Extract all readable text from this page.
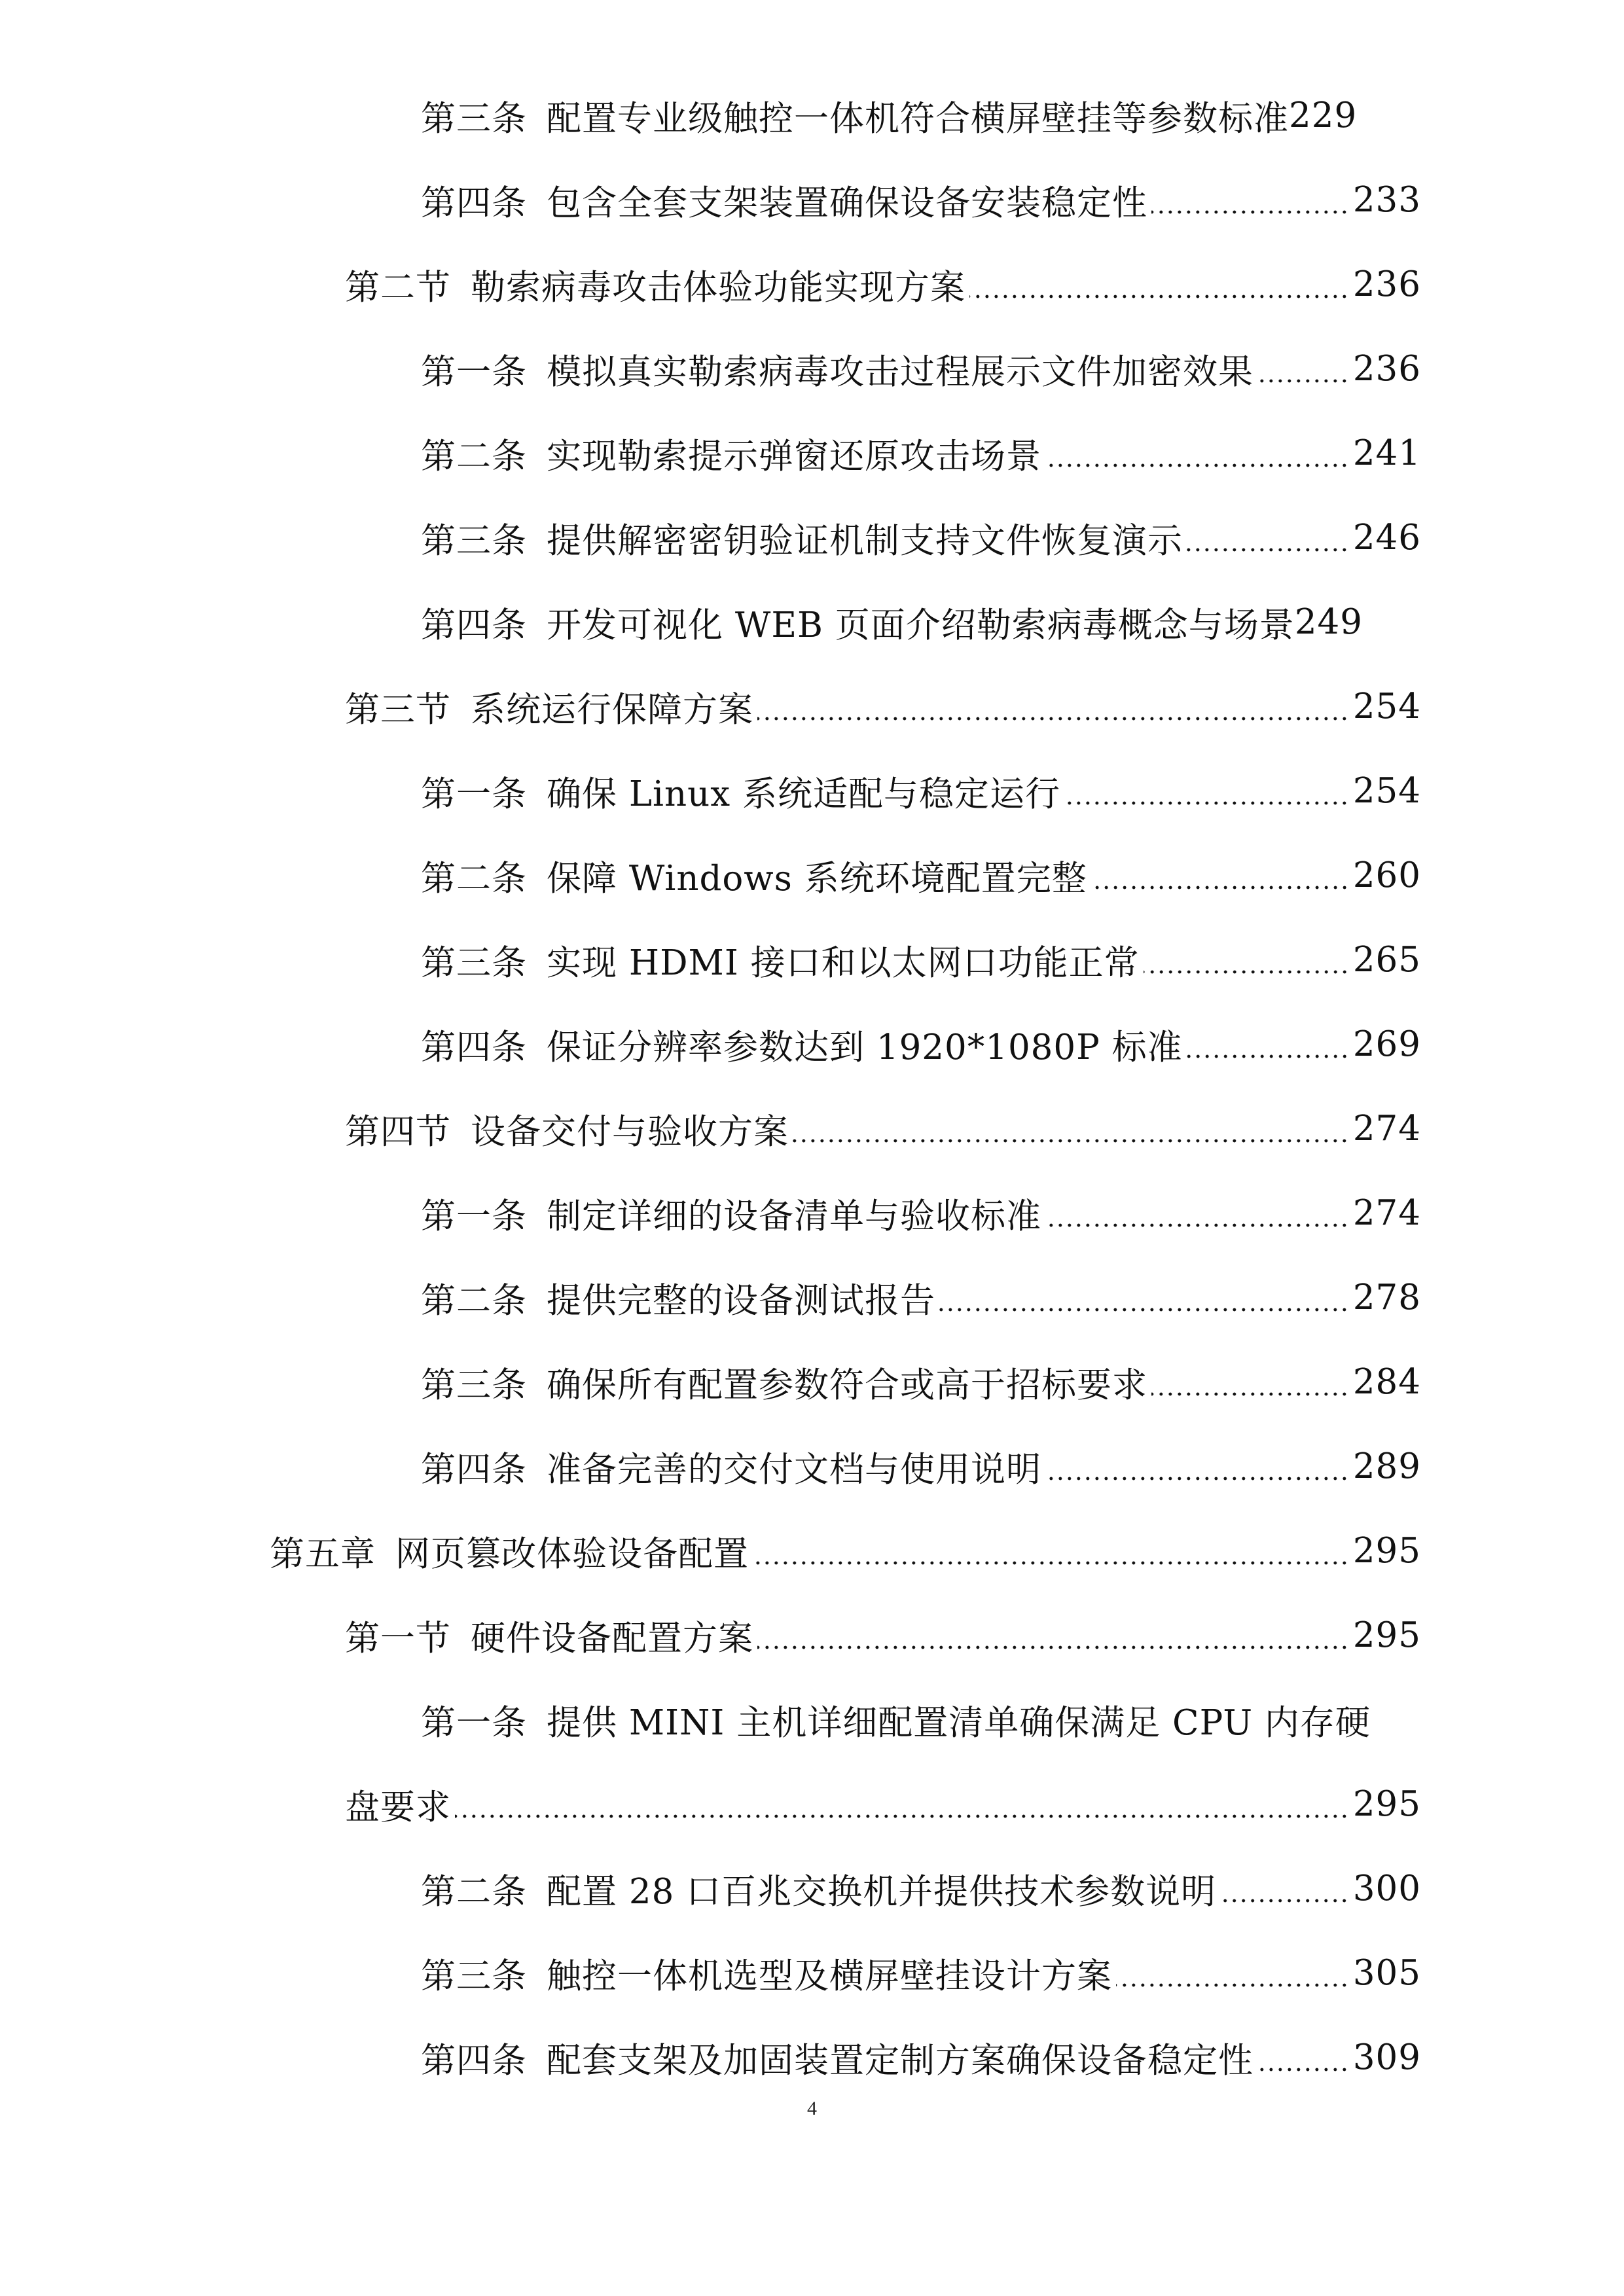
第三条 配置专业级触控一体机符合横屏壁挂等参数标准 229
第四条 包含全套支架装置确保设备安装稳定性	233
第二节 勒索病毒攻击体验功能实现方案	236
第一条 模拟真实勒索病毒攻击过程展示文件加密效果	236
第二条 实现勒索提示弹窗还原攻击场景	241
第三条 提供解密密钥验证机制支持文件恢复演示	246
第四条 开发可视化 WEB 页面介绍勒索病毒概念与场景 249
第三节 系统运行保障方案	254
第一条 确保 Linux 系统适配与稳定运行	254
第二条 保障 Windows 系统环境配置完整	260
第三条 实现 HDMI 接口和以太网口功能正常	265
第四条 保证分辨率参数达到 1920*1080P 标准	269
第四节 设备交付与验收方案	274
第一条 制定详细的设备清单与验收标准	274
第二条 提供完整的设备测试报告	278
第三条 确保所有配置参数符合或高于招标要求	284
第四条 准备完善的交付文档与使用说明	289
第五章 网页篡改体验设备配置	295
第一节 硬件设备配置方案	295
第一条 提供 MINI 主机详细配置清单确保满足 CPU 内存硬
盘要求	295
第二条 配置 28 口百兆交换机并提供技术参数说明	300
第三条 触控一体机选型及横屏壁挂设计方案	305
第四条 配套支架及加固装置定制方案确保设备稳定性	309
4
